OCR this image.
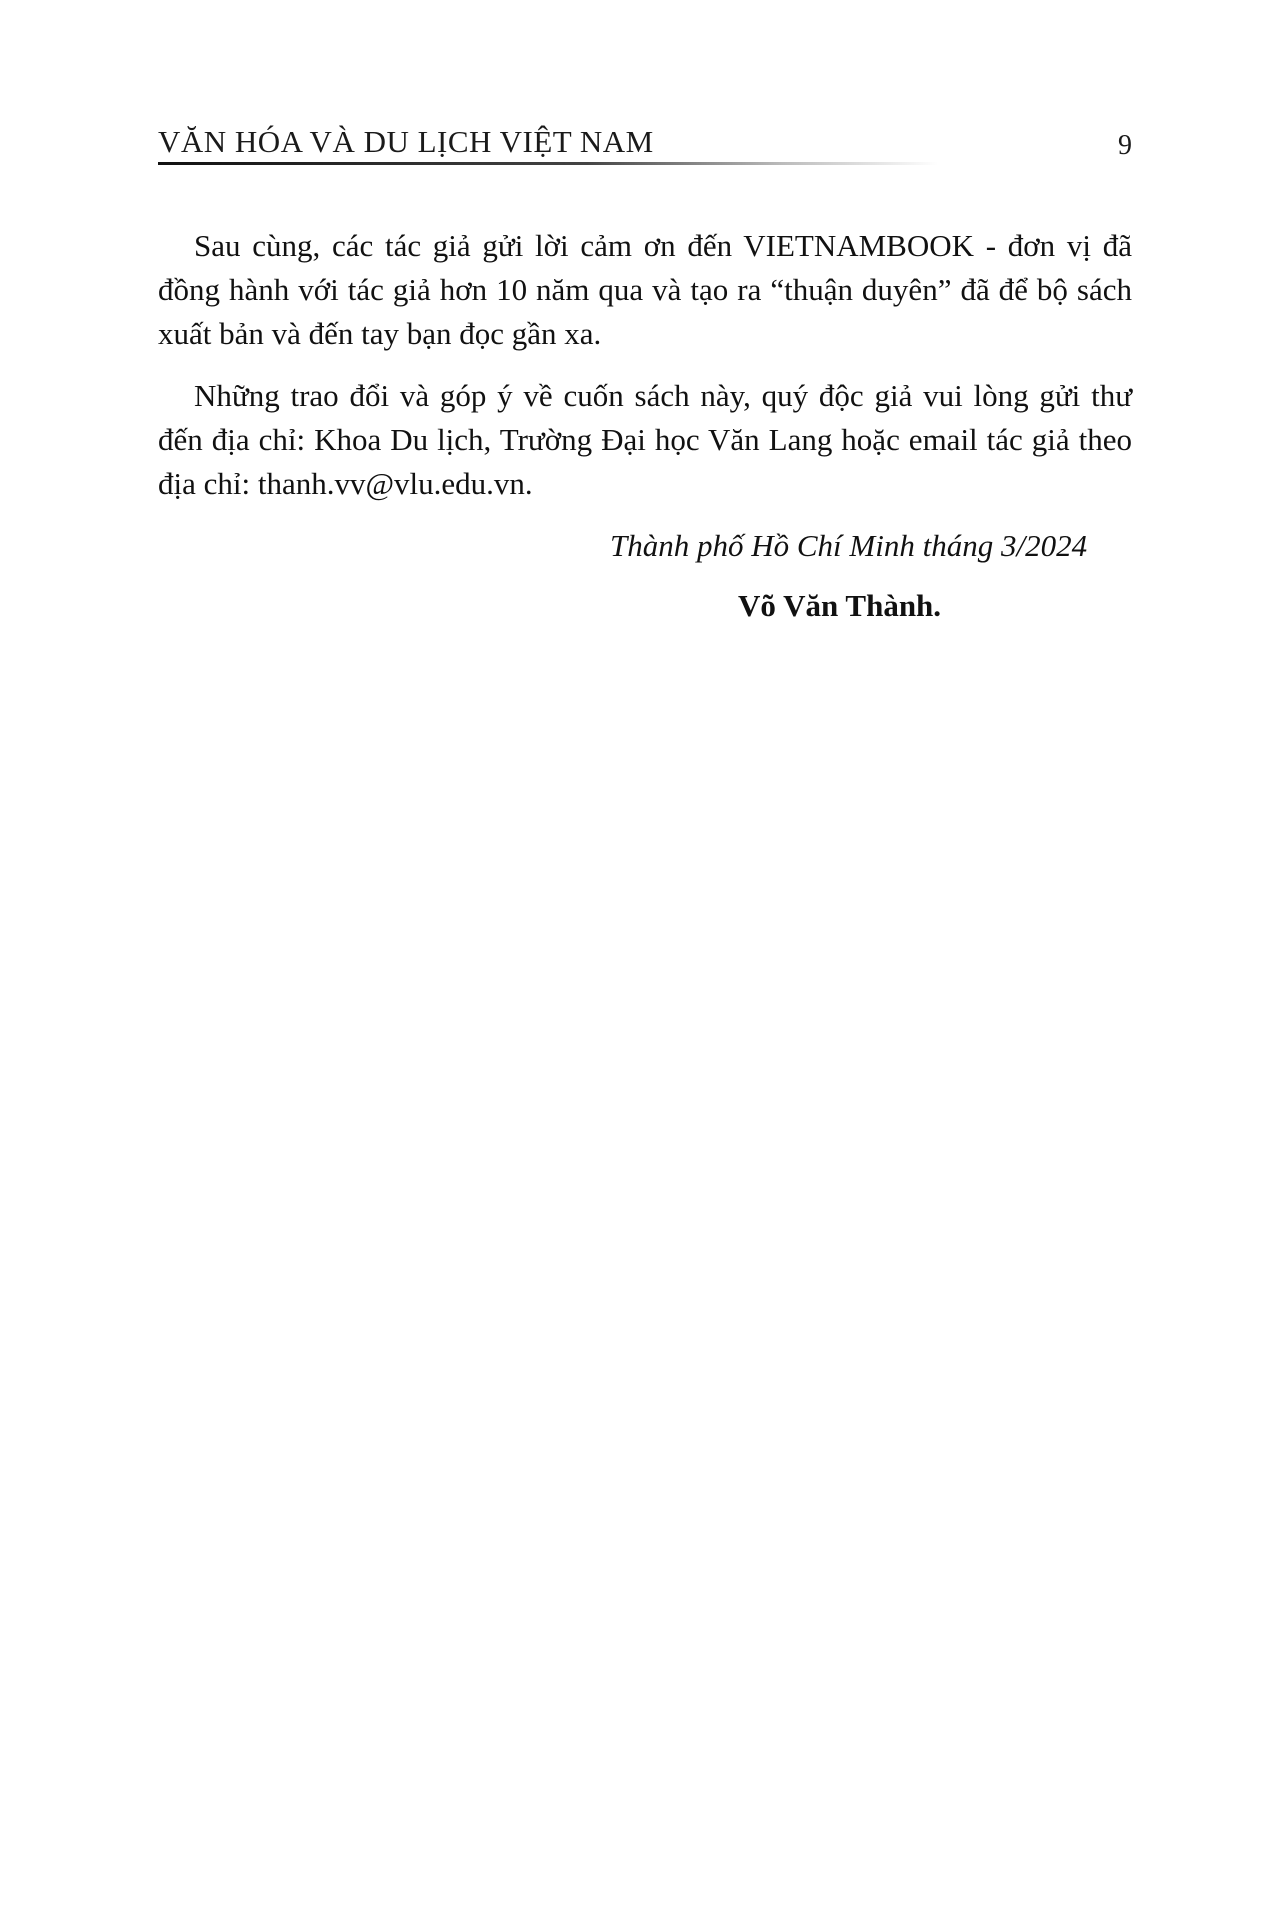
VĂN HÓA VÀ DU LỊCH VIỆT NAM	9

Sau cùng, các tác giả gửi lời cảm ơn đến VIETNAMBOOK - đơn vị đã đồng hành với tác giả hơn 10 năm qua và tạo ra “thuận duyên” đã để bộ sách xuất bản và đến tay bạn đọc gần xa.

Những trao đổi và góp ý về cuốn sách này, quý độc giả vui lòng gửi thư đến địa chỉ: Khoa Du lịch, Trường Đại học Văn Lang hoặc email tác giả theo địa chỉ: thanh.vv@vlu.edu.vn.

Thành phố Hồ Chí Minh tháng 3/2024
Võ Văn Thành.
